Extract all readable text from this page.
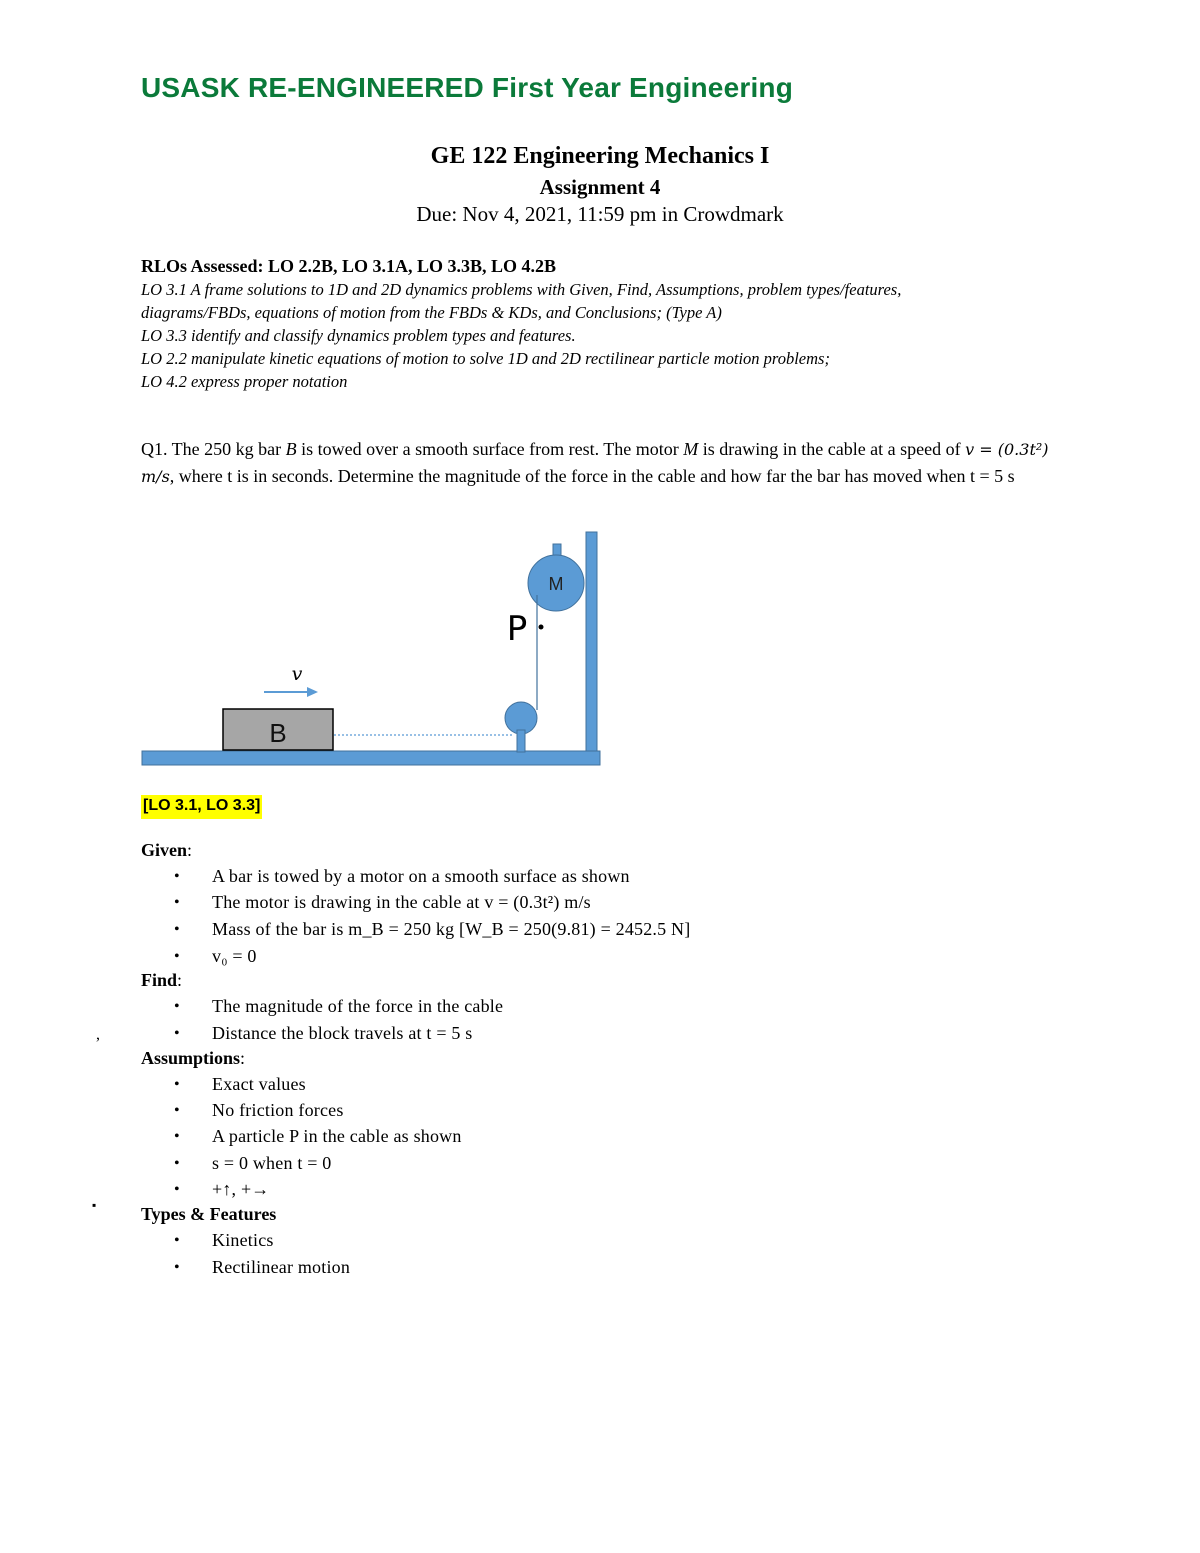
USASK RE-ENGINEERED First Year Engineering
GE 122 Engineering Mechanics I
Assignment 4
Due: Nov 4, 2021, 11:59 pm in Crowdmark
RLOs Assessed: LO 2.2B, LO 3.1A, LO 3.3B, LO 4.2B
LO 3.1 A frame solutions to 1D and 2D dynamics problems with Given, Find, Assumptions, problem types/features,
diagrams/FBDs, equations of motion from the FBDs & KDs, and Conclusions; (Type A)
LO 3.3 identify and classify dynamics problem types and features.
LO 2.2 manipulate kinetic equations of motion to solve 1D and 2D rectilinear particle motion problems;
LO 4.2 express proper notation
Q1. The 250 kg bar B is towed over a smooth surface from rest. The motor M is drawing in the cable at a speed of v = (0.3t²) m/s, where t is in seconds. Determine the magnitude of the force in the cable and how far the bar has moved when t = 5 s
M
B
v
P
[LO 3.1, LO 3.3]
Given:
• A bar is towed by a motor on a smooth surface as shown
• The motor is drawing in the cable at v = (0.3t²) m/s
• Mass of the bar is m_B = 250 kg [W_B = 250(9.81) = 2452.5 N]
• v₀ = 0
Find:
• The magnitude of the force in the cable
• Distance the block travels at t = 5 s
,
Assumptions:
• Exact values
• No friction forces
• A particle P in the cable as shown
• s = 0 when t = 0
• +↑, +→
▪ Types & Features
• Kinetics
• Rectilinear motion
